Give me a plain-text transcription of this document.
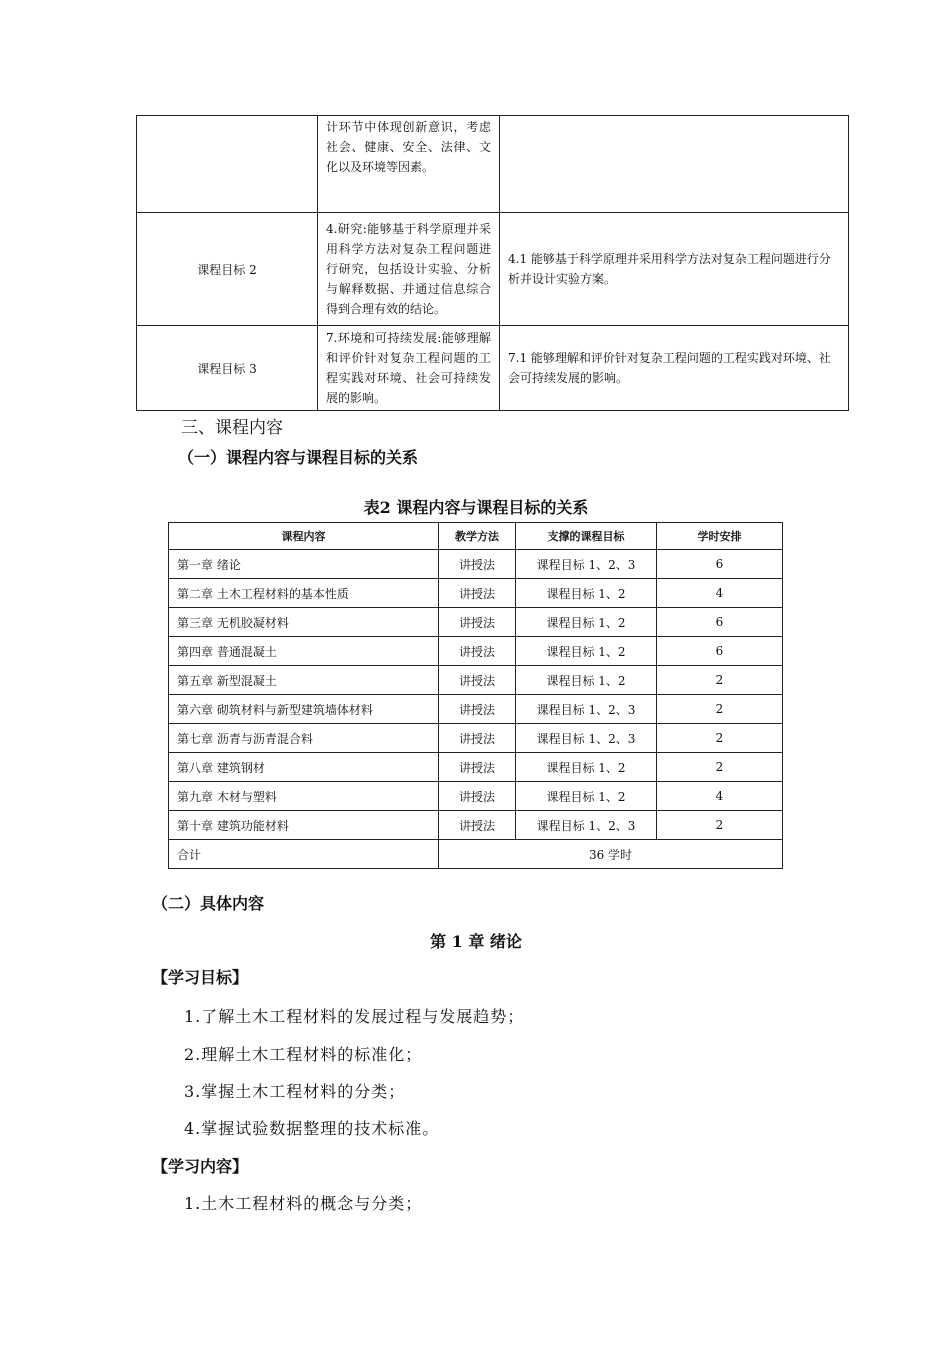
	计环节中体现创新意识，考虑社会、健康、安全、法律、文化以及环境等因素。	
课程目标 2	4.研究:能够基于科学原理并采用科学方法对复杂工程问题进行研究，包括设计实验、分析与解释数据、并通过信息综合得到合理有效的结论。	4.1 能够基于科学原理并采用科学方法对复杂工程问题进行分析并设计实验方案。
课程目标 3	7.环境和可持续发展:能够理解和评价针对复杂工程问题的工程实践对环境、社会可持续发展的影响。	7.1 能够理解和评价针对复杂工程问题的工程实践对环境、社会可持续发展的影响。
三、课程内容
（一）课程内容与课程目标的关系
表2 课程内容与课程目标的关系
课程内容	教学方法	支撑的课程目标	学时安排
第一章 绪论	讲授法	课程目标 1、2、3	6
第二章 土木工程材料的基本性质	讲授法	课程目标 1、2	4
第三章 无机胶凝材料	讲授法	课程目标 1、2	6
第四章 普通混凝土	讲授法	课程目标 1、2	6
第五章 新型混凝土	讲授法	课程目标 1、2	2
第六章 砌筑材料与新型建筑墙体材料	讲授法	课程目标 1、2、3	2
第七章 沥青与沥青混合料	讲授法	课程目标 1、2、3	2
第八章 建筑钢材	讲授法	课程目标 1、2	2
第九章 木材与塑料	讲授法	课程目标 1、2	4
第十章 建筑功能材料	讲授法	课程目标 1、2、3	2
合计	36 学时		
（二）具体内容
第 1 章 绪论
【学习目标】
1.了解土木工程材料的发展过程与发展趋势；
2.理解土木工程材料的标准化；
3.掌握土木工程材料的分类；
4.掌握试验数据整理的技术标准。
【学习内容】
1.土木工程材料的概念与分类；
